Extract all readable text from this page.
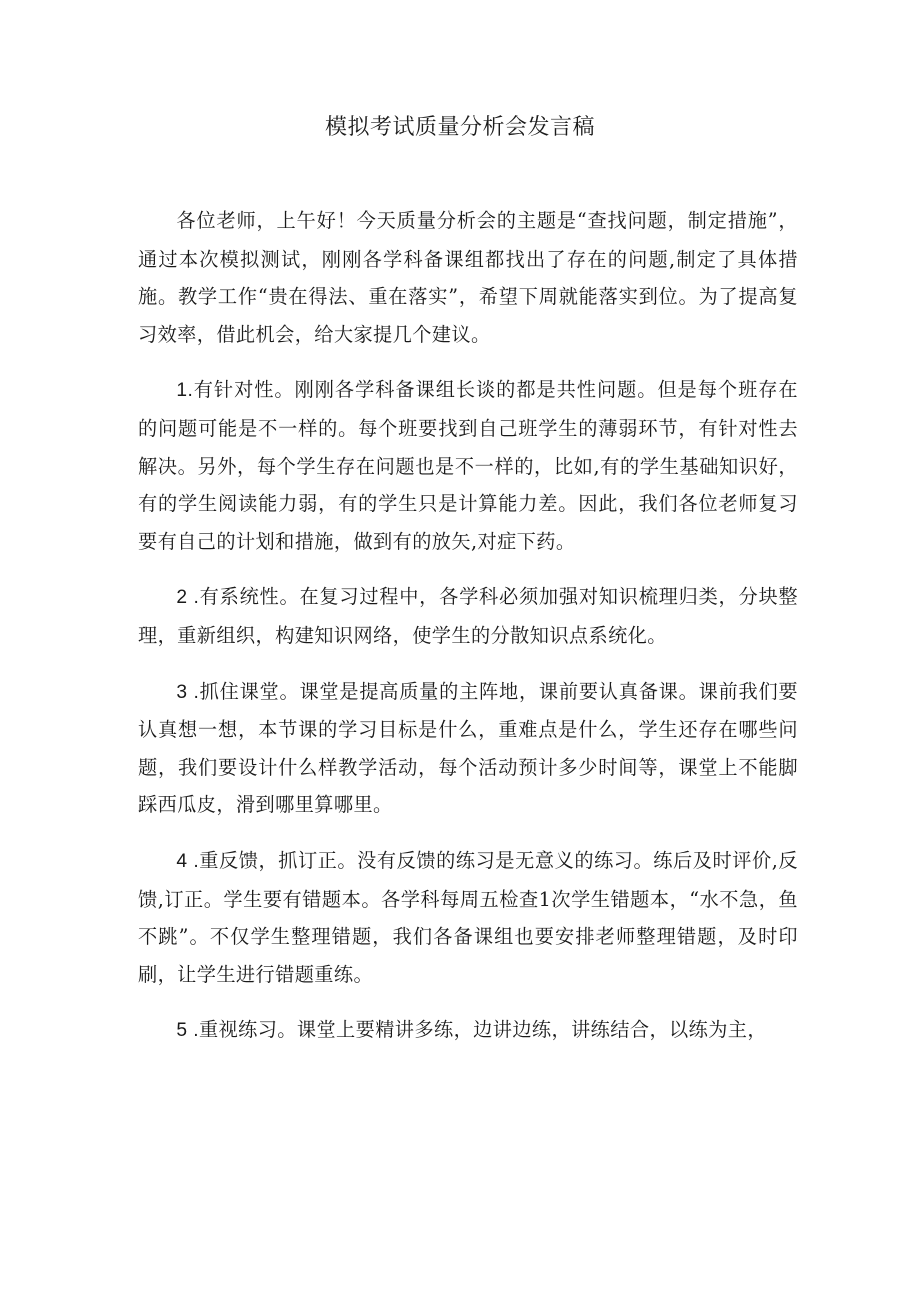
模拟考试质量分析会发言稿

各位老师，上午好！今天质量分析会的主题是“查找问题，制定措施”，通过本次模拟测试，刚刚各学科备课组都找出了存在的问题,制定了具体措施。教学工作“贵在得法、重在落实”，希望下周就能落实到位。为了提高复习效率，借此机会，给大家提几个建议。

1.有针对性。刚刚各学科备课组长谈的都是共性问题。但是每个班存在的问题可能是不一样的。每个班要找到自己班学生的薄弱环节，有针对性去解决。另外，每个学生存在问题也是不一样的，比如,有的学生基础知识好，有的学生阅读能力弱，有的学生只是计算能力差。因此，我们各位老师复习要有自己的计划和措施，做到有的放矢,对症下药。

2 .有系统性。在复习过程中，各学科必须加强对知识梳理归类，分块整理，重新组织，构建知识网络，使学生的分散知识点系统化。

3 .抓住课堂。课堂是提高质量的主阵地，课前要认真备课。课前我们要认真想一想，本节课的学习目标是什么，重难点是什么，学生还存在哪些问题，我们要设计什么样教学活动，每个活动预计多少时间等，课堂上不能脚踩西瓜皮，滑到哪里算哪里。

4 .重反馈，抓订正。没有反馈的练习是无意义的练习。练后及时评价,反馈,订正。学生要有错题本。各学科每周五检查1次学生错题本，“水不急，鱼不跳”。不仅学生整理错题，我们各备课组也要安排老师整理错题，及时印刷，让学生进行错题重练。

5 .重视练习。课堂上要精讲多练，边讲边练，讲练结合，以练为主，
